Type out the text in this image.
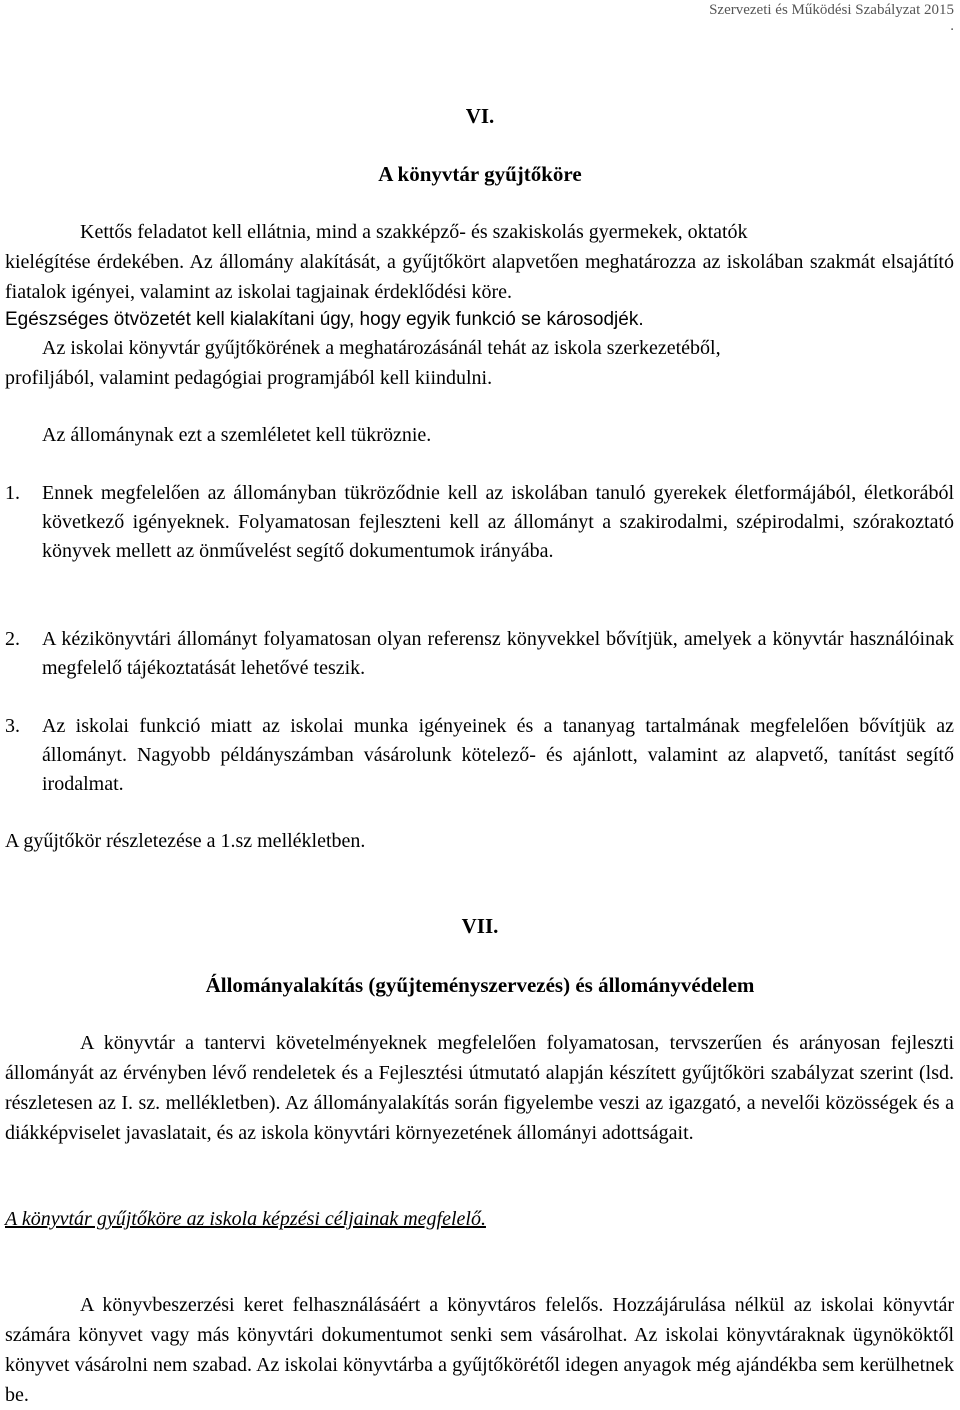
Szervezeti és Működési Szabályzat 2015
.
VI.
A könyvtár gyűjtőköre
Kettős feladatot kell ellátnia, mind a szakképző- és szakiskolás gyermekek, oktatók
kielégítése érdekében. Az állomány alakítását, a gyűjtőkört alapvetően meghatározza az iskolában szakmát elsajátító fiatalok igényei, valamint az iskolai tagjainak érdeklődési köre.
Egészséges ötvözetét kell kialakítani úgy, hogy egyik funkció se károsodjék.
Az iskolai könyvtár gyűjtőkörének a meghatározásánál tehát az iskola szerkezetéből,
profiljából, valamint pedagógiai programjából kell kiindulni.
Az állománynak ezt a szemléletet kell tükröznie.
1. Ennek megfelelően az állományban tükröződnie kell az iskolában tanuló gyerekek életformájából, életkorából következő igényeknek. Folyamatosan fejleszteni kell az állományt a szakirodalmi, szépirodalmi, szórakoztató könyvek mellett az önművelést segítő dokumentumok irányába.
2. A kézikönyvtári állományt folyamatosan olyan referensz könyvekkel bővítjük, amelyek a könyvtár használóinak megfelelő tájékoztatását lehetővé teszik.
3. Az iskolai funkció miatt az iskolai munka igényeinek és a tananyag tartalmának megfelelően bővítjük az állományt. Nagyobb példányszámban vásárolunk kötelező- és ajánlott, valamint az alapvető, tanítást segítő irodalmat.
A gyűjtőkör részletezése a 1.sz mellékletben.
VII.
Állományalakítás (gyűjteményszervezés) és állományvédelem
A könyvtár a tantervi követelményeknek megfelelően folyamatosan, tervszerűen és arányosan fejleszti állományát az érvényben lévő rendeletek és a Fejlesztési útmutató alapján készített gyűjtőköri szabályzat szerint (lsd. részletesen az I. sz. mellékletben). Az állományalakítás során figyelembe veszi az igazgató, a nevelői közösségek és a diákképviselet javaslatait, és az iskola könyvtári környezetének állományi adottságait.
A könyvtár gyűjtőköre az iskola képzési céljainak megfelelő.
A könyvbeszerzési keret felhasználásáért a könyvtáros felelős. Hozzájárulása nélkül az iskolai könyvtár számára könyvet vagy más könyvtári dokumentumot senki sem vásárolhat. Az iskolai könyvtáraknak ügynököktől könyvet vásárolni nem szabad. Az iskolai könyvtárba a gyűjtőkörétől idegen anyagok még ajándékba sem kerülhetnek be.
